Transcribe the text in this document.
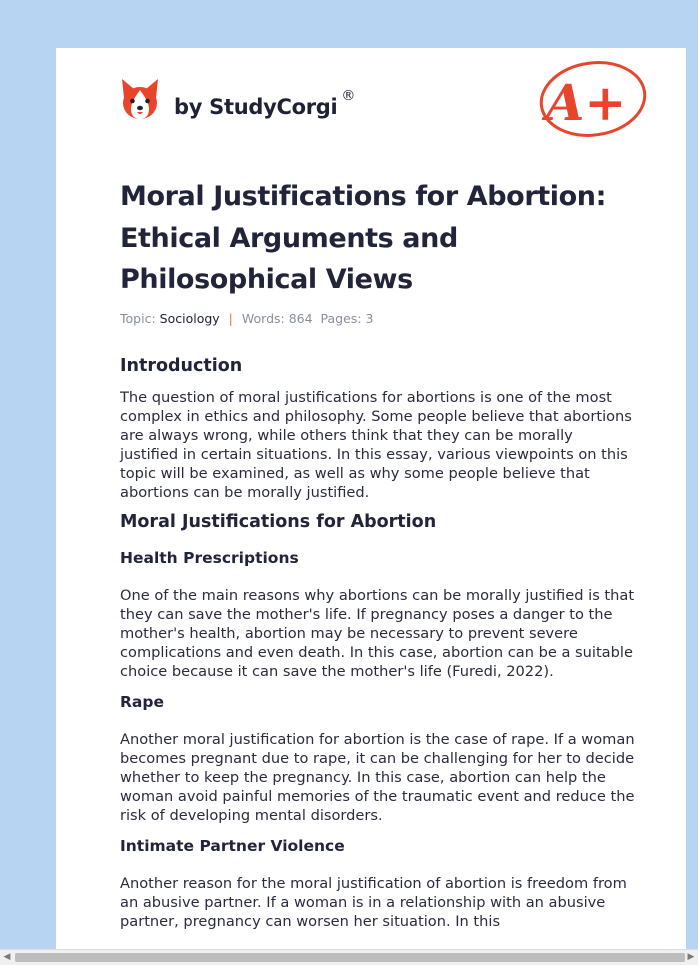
by StudyCorgi ®	A+
Moral Justifications for Abortion: Ethical Arguments and Philosophical Views
Topic: Sociology | Words: 864 Pages: 3
Introduction

The question of moral justifications for abortions is one of the most complex in ethics and philosophy. Some people believe that abortions are always wrong, while others think that they can be morally justified in certain situations. In this essay, various viewpoints on this topic will be examined, as well as why some people believe that abortions can be morally justified.

Moral Justifications for Abortion
Health Prescriptions

One of the main reasons why abortions can be morally justified is that they can save the mother's life. If pregnancy poses a danger to the mother's health, abortion may be necessary to prevent severe complications and even death. In this case, abortion can be a suitable choice because it can save the mother's life (Furedi, 2022).

Rape

Another moral justification for abortion is the case of rape. If a woman becomes pregnant due to rape, it can be challenging for her to decide whether to keep the pregnancy. In this case, abortion can help the woman avoid painful memories of the traumatic event and reduce the risk of developing mental disorders.

Intimate Partner Violence

Another reason for the moral justification of abortion is freedom from an abusive partner. If a woman is in a relationship with an abusive partner, pregnancy can worsen her situation. In this

◀	▶
